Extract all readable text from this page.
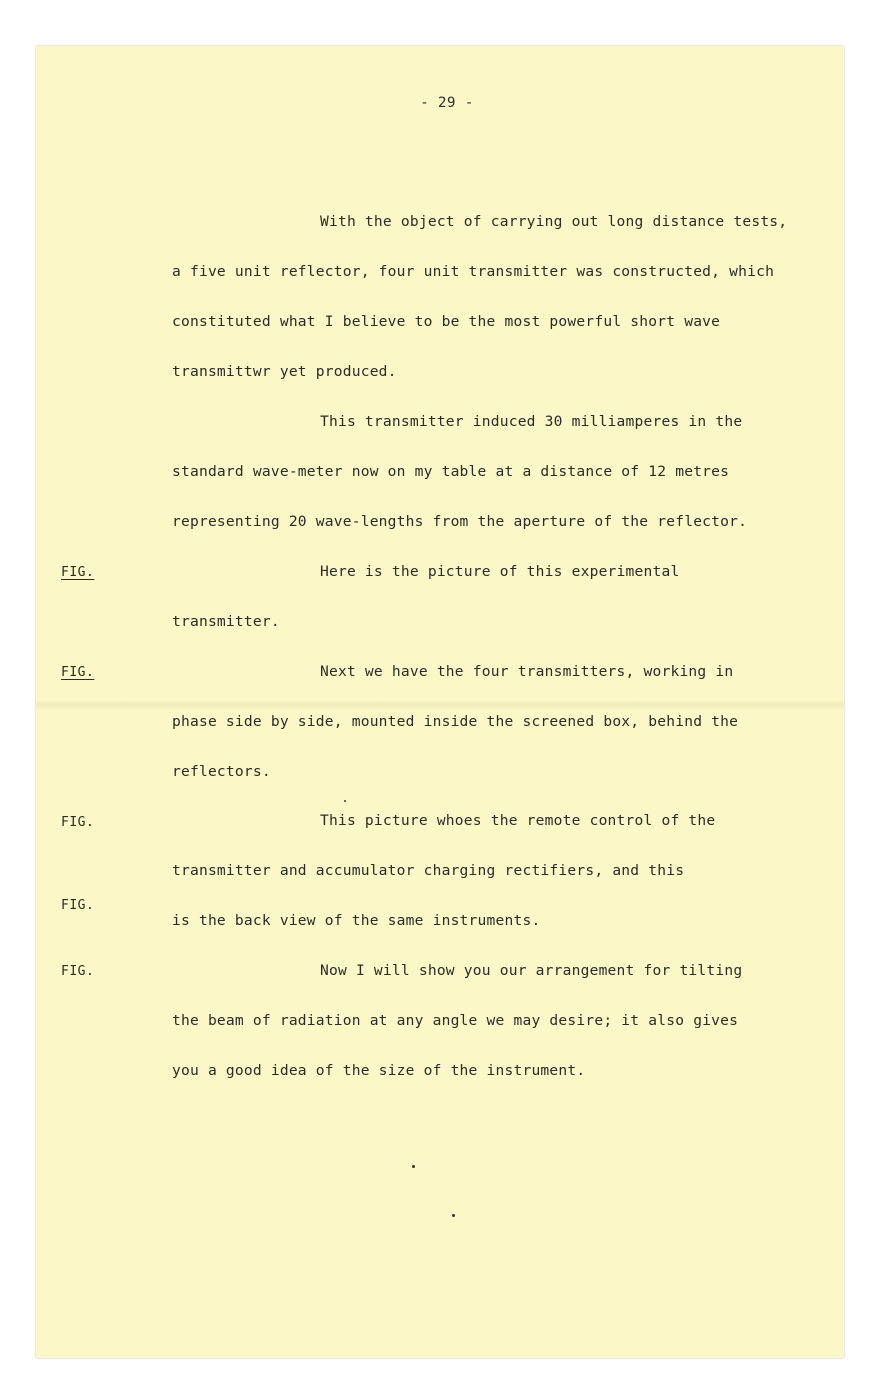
- 29 -
With the object of carrying out long distance tests,
a five unit reflector, four unit transmitter was constructed, which
constituted what I believe to be the most powerful short wave
transmittwr yet produced.
This transmitter induced 30 milliamperes in the
standard wave-meter now on my table at a distance of 12 metres
representing 20 wave-lengths from the aperture of the reflector.
FIG.	Here is the picture of this experimental
transmitter.
FIG.	Next we have the four transmitters, working in
phase side by side, mounted inside the screened box, behind the
reflectors.
FIG.	This picture whoes the remote control of the
transmitter and accumulator charging rectifiers, and this
FIG.
is the back view of the same instruments.
FIG.	Now I will show you our arrangement for tilting
the beam of radiation at any angle we may desire; it also gives
you a good idea of the size of the instrument.
